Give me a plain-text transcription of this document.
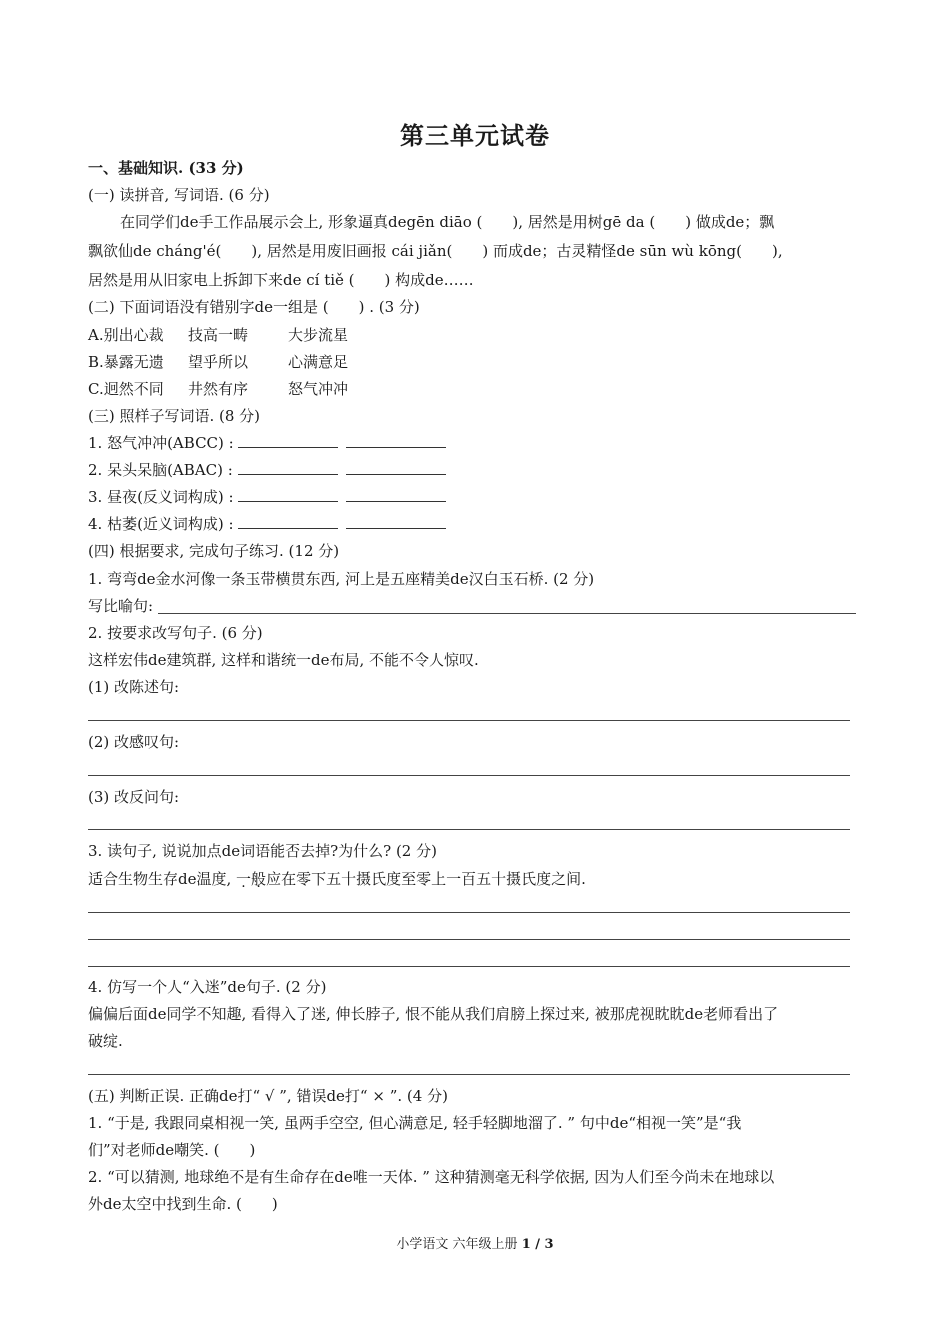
第三单元试卷
一、基础知识. (33 分)
(一) 读拼音, 写词语. (6 分)
在同学们de手工作品展示会上, 形象逼真degēn diāo (　　), 居然是用树gē da (　　) 做成de；飘
飘欲仙de cháng'é(　　), 居然是用废旧画报 cái jiǎn(　　) 而成de；古灵精怪de sūn wù kōng(　　),
居然是用从旧家电上拆卸下来de cí tiě (　　) 构成de……
(二) 下面词语没有错别字de一组是 (　　) . (3 分)
A.别出心裁 技高一畴	大步流星
B.暴露无遗 望乎所以	心满意足
C.迥然不同 井然有序	怒气冲冲
(三) 照样子写词语. (8 分)
1. 怒气冲冲(ABCC) :
2. 呆头呆脑(ABAC) :
3. 昼夜(反义词构成) :
4. 枯萎(近义词构成) :
(四) 根据要求, 完成句子练习. (12 分)
1. 弯弯de金水河像一条玉带横贯东西, 河上是五座精美de汉白玉石桥. (2 分)
写比喻句:
2. 按要求改写句子. (6 分)
这样宏伟de建筑群, 这样和谐统一de布局, 不能不令人惊叹.
(1) 改陈述句:
(2) 改感叹句:
(3) 改反问句:
3. 读句子, 说说加点de词语能否去掉?为什么? (2 分)
适合生物生存de温度, 一般应在零下五十摄氏度至零上一百五十摄氏度之间.
4. 仿写一个人“入迷”de句子. (2 分)
偏偏后面de同学不知趣, 看得入了迷, 伸长脖子, 恨不能从我们肩膀上探过来, 被那虎视眈眈de老师看出了
破绽.
(五) 判断正误. 正确de打“ √ ”, 错误de打“ × ”. (4 分)
1. “于是, 我跟同桌相视一笑, 虽两手空空, 但心满意足, 轻手轻脚地溜了. ” 句中de“相视一笑”是“我
们”对老师de嘲笑. (　　)
2. “可以猜测, 地球绝不是有生命存在de唯一天体. ” 这种猜测毫无科学依据, 因为人们至今尚未在地球以
外de太空中找到生命. (　　)
小学语文 六年级上册 1 / 3
